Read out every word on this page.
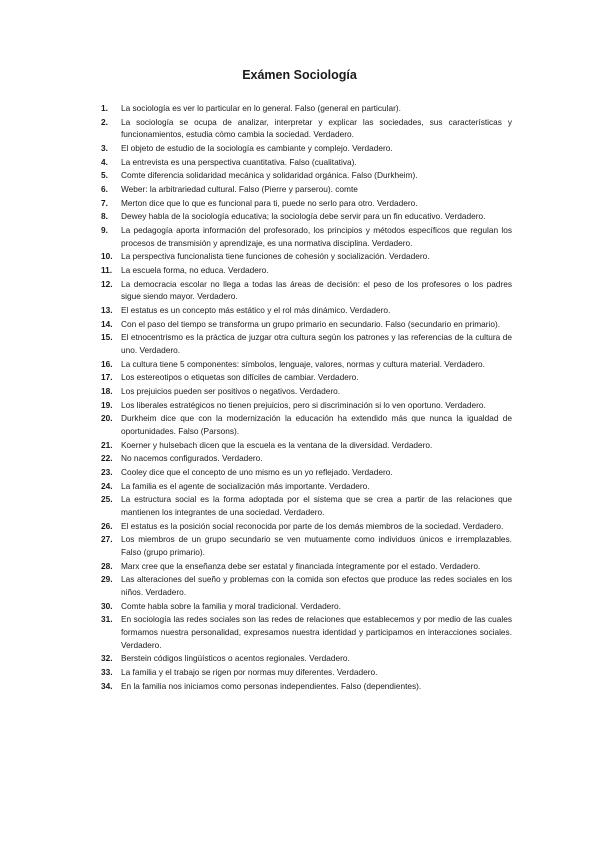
Exámen Sociología
1.	La sociología es ver lo particular en lo general. Falso (general en particular).
2.	La sociología se ocupa de analizar, interpretar y explicar las sociedades, sus características y funcionamientos, estudia cómo cambia la sociedad. Verdadero.
3.	El objeto de estudio de la sociología es cambiante y complejo. Verdadero.
4.	La entrevista es una perspectiva cuantitativa. Falso (cualitativa).
5.	Comte diferencia solidaridad mecánica y solidaridad orgánica. Falso (Durkheim).
6.	Weber: la arbitrariedad cultural. Falso (Pierre y parserou). comte
7.	Merton dice que lo que es funcional para ti, puede no serlo para otro. Verdadero.
8.	Dewey habla de la sociología educativa; la sociología debe servir para un fin educativo. Verdadero.
9.	La pedagogía aporta información del profesorado, los principios y métodos específicos que regulan los procesos de transmisión y aprendizaje, es una normativa disciplina. Verdadero.
10.	La perspectiva funcionalista tiene funciones de cohesión y socialización. Verdadero.
11.	La escuela forma, no educa. Verdadero.
12.	La democracia escolar no llega a todas las áreas de decisión: el peso de los profesores o los padres sigue siendo mayor. Verdadero.
13.	El estatus es un concepto más estático y el rol más dinámico. Verdadero.
14.	Con el paso del tiempo se transforma un grupo primario en secundario. Falso (secundario en primario).
15.	El etnocentrismo es la práctica de juzgar otra cultura según los patrones y las referencias de la cultura de uno. Verdadero.
16.	La cultura tiene 5 componentes: símbolos, lenguaje, valores, normas y cultura material. Verdadero.
17.	Los estereotipos o etiquetas son difíciles de cambiar. Verdadero.
18.	Los prejuicios pueden ser positivos o negativos. Verdadero.
19.	Los liberales estratégicos no tienen prejuicios, pero si discriminación si lo ven oportuno. Verdadero.
20.	Durkheim dice que con la modernización la educación ha extendido más que nunca la igualdad de oportunidades. Falso (Parsons).
21.	Koerner y hulsebach dicen que la escuela es la ventana de la diversidad. Verdadero.
22.	No nacemos configurados. Verdadero.
23.	Cooley dice que el concepto de uno mismo es un yo reflejado. Verdadero.
24.	La familia es el agente de socialización más importante. Verdadero.
25.	La estructura social es la forma adoptada por el sistema que se crea a partir de las relaciones que mantienen los integrantes de una sociedad. Verdadero.
26.	El estatus es la posición social reconocida por parte de los demás miembros de la sociedad. Verdadero.
27.	Los miembros de un grupo secundario se ven mutuamente como individuos únicos e irremplazables. Falso (grupo primario).
28.	Marx cree que la enseñanza debe ser estatal y financiada íntegramente por el estado. Verdadero.
29.	Las alteraciones del sueño y problemas con la comida son efectos que produce las redes sociales en los niños. Verdadero.
30.	Comte habla sobre la familia y moral tradicional. Verdadero.
31.	En sociología las redes sociales son las redes de relaciones que establecemos y por medio de las cuales formamos nuestra personalidad, expresamos nuestra identidad y participamos en interacciones sociales. Verdadero.
32.	Berstein códigos lingüísticos o acentos regionales. Verdadero.
33.	La familia y el trabajo se rigen por normas muy diferentes. Verdadero.
34.	En la familia nos iniciamos como personas independientes. Falso (dependientes).
